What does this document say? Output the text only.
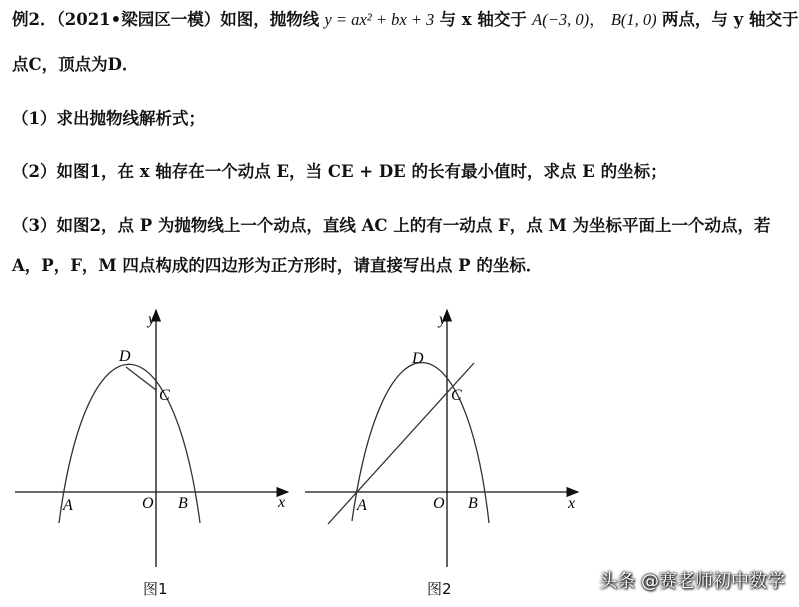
例2．（2021•梁园区一模）如图，抛物线 y = ax² + bx + 3 与 x 轴交于 A(−3, 0)， B(1, 0) 两点，与 y 轴交于
点C，顶点为D．
（1）求出抛物线解析式；
（2）如图1，在 x 轴存在一个动点 E，当 CE + DE 的长有最小值时，求点 E 的坐标；
（3）如图2，点 P 为抛物线上一个动点，直线 AC 上的有一动点 F，点 M 为坐标平面上一个动点，若
A，P，F，M 四点构成的四边形为正方形时，请直接写出点 P 的坐标．
y
x
D
C
A	O B
图1
y
x
D
C
A	O B
图2	头条 @赛老师初中数学
